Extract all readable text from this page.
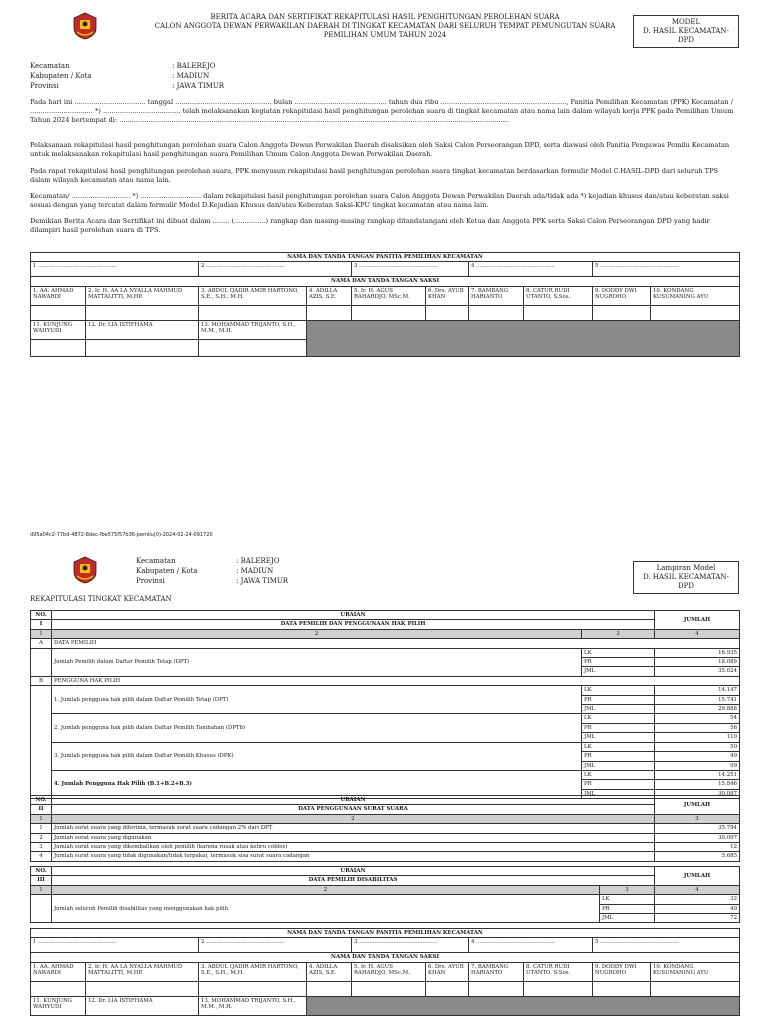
BERITA ACARA DAN SERTIFIKAT REKAPITULASI HASIL PENGHITUNGAN PEROLEHAN SUARA
CALON ANGGOTA DEWAN PERWAKILAN DAERAH DI TINGKAT KECAMATAN DARI SELURUH TEMPAT PEMUNGUTAN SUARA
PEMILIHAN UMUM TAHUN 2024
MODEL
D. HASIL KECAMATAN-DPD
Kecamatan
Kabupaten / Kota
Provinsi
: BALEREJO
: MADIUN
: JAWA TIMUR
Pada hari ini .................................. tanggal .............................................. bulan ............................................ tahun dua ribu ............................................................, Panitia Pemilihan Kecamatan (PPK) Kecamatan / .............................. *) ..................................... telah melaksanakan kegiatan rekapitulasi hasil penghitungan perolehan suara di tingkat kecamatan atau nama lain dalam wilayah kerja PPK pada Pemilihan Umum Tahun 2024 bertempat di: ..........................................................................................................................................................................................
Pelaksanaan rekapitulasi hasil penghitungan perolehan suara Calon Anggota Dewan Perwakilan Daerah disaksikan oleh Saksi Calon Perseorangan DPD, serta diawasi oleh Panitia Pengawas Pemilu Kecamatan untuk melaksanakan rekapitulasi hasil penghitungan suara Pemilihan Umum Calon Anggota Dewan Perwakilan Daerah.
Pada rapat rekapitulasi hasil penghitungan perolehan suara, PPK menyusun rekapitulasi hasil penghitungan perolehan suara tingkat kecamatan berdasarkan formulir Model C.HASIL-DPD dari seluruh TPS dalam wilayah kecamatan atau nama lain.
Kecamatan/ ............................ *) ............................. dalam rekapitulasi hasil penghitungan perolehan suara Calon Anggota Dewan Perwakilan Daerah ada/tidak ada *) kejadian khusus dan/atau keberatan saksi sesuai dengan yang tercatat dalam formulir Model D.Kejadian Khusus dan/atau Keberatan Saksi-KPU tingkat kecamatan atau nama lain.
Demikian Berita Acara dan Sertifikat ini dibuat dalam ........ (...............) rangkap dan masing-masing rangkap ditandatangani oleh Ketua dan Anggota PPK serta Saksi Calon Perseorangan DPD yang hadir dilampiri hasil perolehan suara di TPS.
NAMA DAN TANDA TANGAN PANITIA PEMILIHAN KECAMATAN									
1 ..............................................		2 ..............................................		3 ..............................................		4 ..............................................		5 ..............................................	
NAMA DAN TANDA TANGAN SAKSI									
1. AA. AHMAD NAWARDI	2. Ir. H. AA LA NYALLA MAHMUD MATTALITTI, M.HP.	3. ABDUL QADIR AMIR HARTONO, S.E., S.H., M.H.	4. ADILLA AZIS, S.E.	5. Ir. H. AGUS RAHARDJO, MSc.M.	6. Drs. AYUB KHAN	7. BAMBANG HARIANTO	8. CATUR RUDI UTANTO, S.Sos.	9. DODDY DWI NUGROHO	10. KONDANG KUSUMANING AYU

11. KUNJUNG WAHYUDI	12. Dr. LIA ISTIFHAMA	13. MOHAMMAD TRIJANTO, S.H., M.M., M.H.							

d95a04c2-77bd-4872-8dec-fbe575f57b36-pemilu(0)-2024-02-24-091720
Kecamatan
Kabupaten / Kota
Provinsi
: BALEREJO
: MADIUN
: JAWA TIMUR
Lampiran Model
D. HASIL KECAMATAN-DPD
REKAPITULASI TINGKAT KECAMATAN
NO.	URAIAN		JUMLAH
I	DATA PEMILIH DAN PENGGUNAAN HAK PILIH		
1	2	3	4
A	DATA PEMILIH		
	Jumlah Pemilih dalam Daftar Pemilih Tetap (DPT)	LK	16.935
		PR	18.089
		JML	35.024
B	PENGGUNA HAK PILIH		
	1. Jumlah pengguna hak pilih dalam Daftar Pemilih Tetap (DPT)	LK	14.147
		PR	15.741
		JML	29.888
	2. Jumlah pengguna hak pilih dalam Daftar Pemilih Tambahan (DPTb)	LK	54
		PR	56
		JML	110
	3. Jumlah pengguna hak pilih dalam Daftar Pemilih Khusus (DPK)	LK	50
		PR	49
		JML	99
	4. Jumlah Pengguna Hak Pilih (B.1+B.2+B.3)	LK	14.251
		PR	15.846
		JML	30.097
NO.	URAIAN	JUMLAH
II	DATA PENGGUNAAN SURAT SUARA	
1	2	3
1	Jumlah surat suara yang diterima, termasuk surat suara cadangan 2% dari DPT	35.794
2	Jumlah surat suara yang digunakan	30.097
3	Jumlah surat suara yang dikembalikan oleh pemilih (karena rusak atau keliru coblos)	12
4	Jumlah surat suara yang tidak digunakan/tidak terpakai, termasuk sisa surat suara cadangan	5.685
NO.	URAIAN		JUMLAH
III	DATA PEMILIH DISABILITAS		
1	2	3	4
	Jumlah seluruh Pemilih disabilitas yang menggunakan hak pilih	LK	32
		PR	40
		JML	72
NAMA DAN TANDA TANGAN PANITIA PEMILIHAN KECAMATAN									
1 ..............................................		2 ..............................................		3 ..............................................		4 ..............................................		5 ..............................................	
NAMA DAN TANDA TANGAN SAKSI									
1. AA. AHMAD NAWARDI	2. Ir. H. AA LA NYALLA MAHMUD MATTALITTI, M.HP.	3. ABDUL QADIR AMIR HARTONO, S.E., S.H., M.H.	4. ADILLA AZIS, S.E.	5. Ir. H. AGUS RAHARDJO, MSc.M.	6. Drs. AYUB KHAN	7. BAMBANG HARIANTO	8. CATUR RUDI UTANTO, S.Sos.	9. DODDY DWI NUGROHO	10. KONDANG KUSUMANING AYU

11. KUNJUNG WAHYUDI	12. Dr. LIA ISTIFHAMA	13. MOHAMMAD TRIJANTO, S.H., M.M., M.H.							
